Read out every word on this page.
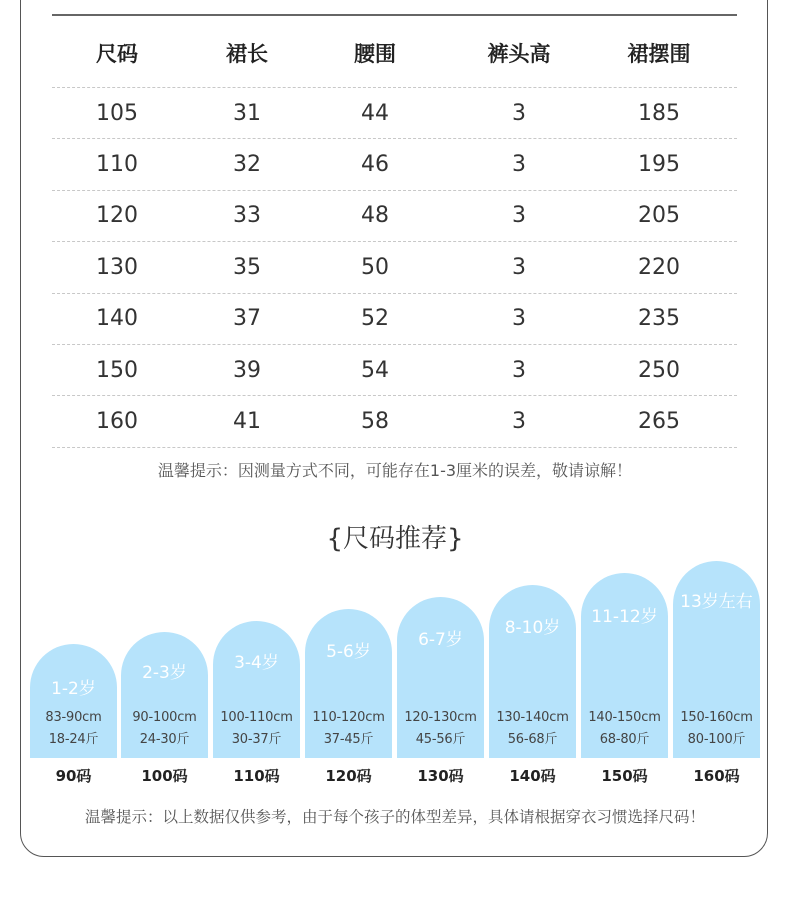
尺码	裙长	腰围	裤头高	裙摆围
105	31	44	3	185
110	32	46	3	195
120	33	48	3	205
130	35	50	3	220
140	37	52	3	235
150	39	54	3	250
160	41	58	3	265
温馨提示：因测量方式不同，可能存在1-3厘米的误差，敬请谅解！
{尺码推荐}
1-2岁
83-90cm
18-24斤
2-3岁
90-100cm
24-30斤
3-4岁
100-110cm
30-37斤
5-6岁
110-120cm
37-45斤
6-7岁
120-130cm
45-56斤
8-10岁
130-140cm
56-68斤
11-12岁
140-150cm
68-80斤
13岁左右
150-160cm
80-100斤
90码	100码	110码	120码	130码	140码	150码	160码
温馨提示：以上数据仅供参考，由于每个孩子的体型差异，具体请根据穿衣习惯选择尺码！
